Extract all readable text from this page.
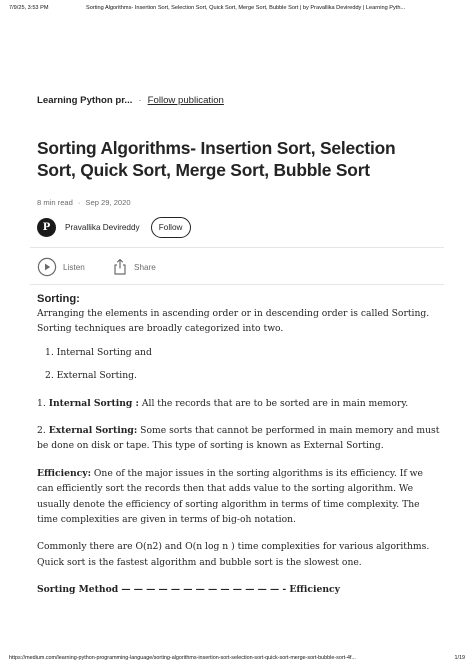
7/9/25, 3:53 PM	Sorting Algorithms- Insertion Sort, Selection Sort, Quick Sort, Merge Sort, Bubble Sort | by Pravallika Devireddy | Learning Pyth...
Learning Python pr... · Follow publication
Sorting Algorithms- Insertion Sort, Selection Sort, Quick Sort, Merge Sort, Bubble Sort
8 min read · Sep 29, 2020
P Pravallika Devireddy	Follow
Listen	Share
Sorting:

Arranging the elements in ascending order or in descending order is called Sorting. Sorting techniques are broadly categorized into two.

1. Internal Sorting and
2. External Sorting.

1. Internal Sorting : All the records that are to be sorted are in main memory.

2. External Sorting: Some sorts that cannot be performed in main memory and must be done on disk or tape. This type of sorting is known as External Sorting.

Efficiency: One of the major issues in the sorting algorithms is its efficiency. If we can efficiently sort the records then that adds value to the sorting algorithm. We usually denote the efficiency of sorting algorithm in terms of time complexity. The time complexities are given in terms of big-oh notation.

Commonly there are O(n2) and O(n log n ) time complexities for various algorithms. Quick sort is the fastest algorithm and bubble sort is the slowest one.

Sorting Method — — — — — — — — — — — — — - Efficiency

https://medium.com/learning-python-programming-language/sorting-algorithms-insertion-sort-selection-sort-quick-sort-merge-sort-bubble-sort-4f...	1/19
